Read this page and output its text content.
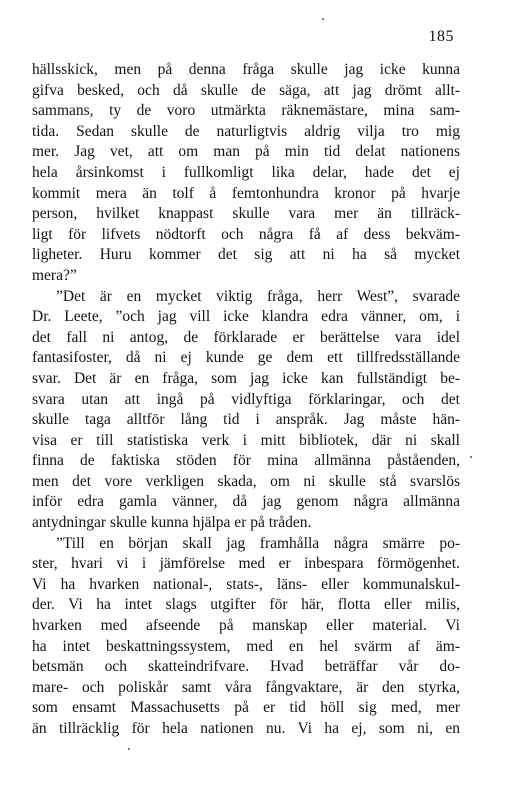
185
hällsskick, men på denna fråga skulle jag icke kunna
gifva besked, och då skulle de säga, att jag drömt allt-
sammans, ty de voro utmärkta räknemästare, mina sam-
tida. Sedan skulle de naturligtvis aldrig vilja tro mig
mer. Jag vet, att om man på min tid delat nationens
hela årsinkomst i fullkomligt lika delar, hade det ej
kommit mera än tolf å femtonhundra kronor på hvarje
person, hvilket knappast skulle vara mer än tillräck-
ligt för lifvets nödtorft och några få af dess bekväm-
ligheter. Huru kommer det sig att ni ha så mycket
mera?”
”Det är en mycket viktig fråga, herr West”, svarade
Dr. Leete, ”och jag vill icke klandra edra vänner, om, i
det fall ni antog, de förklarade er berättelse vara idel
fantasifoster, då ni ej kunde ge dem ett tillfredsställande
svar. Det är en fråga, som jag icke kan fullständigt be-
svara utan att ingå på vidlyftiga förklaringar, och det
skulle taga alltför lång tid i anspråk. Jag måste hän-
visa er till statistiska verk i mitt bibliotek, där ni skall
finna de faktiska stöden för mina allmänna påståenden,
men det vore verkligen skada, om ni skulle stå svarslös
inför edra gamla vänner, då jag genom några allmänna
antydningar skulle kunna hjälpa er på tråden.
”Till en början skall jag framhålla några smärre po-
ster, hvari vi i jämförelse med er inbespara förmögenhet.
Vi ha hvarken national-, stats-, läns- eller kommunalskul-
der. Vi ha intet slags utgifter för här, flotta eller milis,
hvarken med afseende på manskap eller material. Vi
ha intet beskattningssystem, med en hel svärm af äm-
betsmän och skatteindrifvare. Hvad beträffar vår do-
mare- och poliskår samt våra fångvaktare, är den styrka,
som ensamt Massachusetts på er tid höll sig med, mer
än tillräcklig för hela nationen nu. Vi ha ej, som ni, en
